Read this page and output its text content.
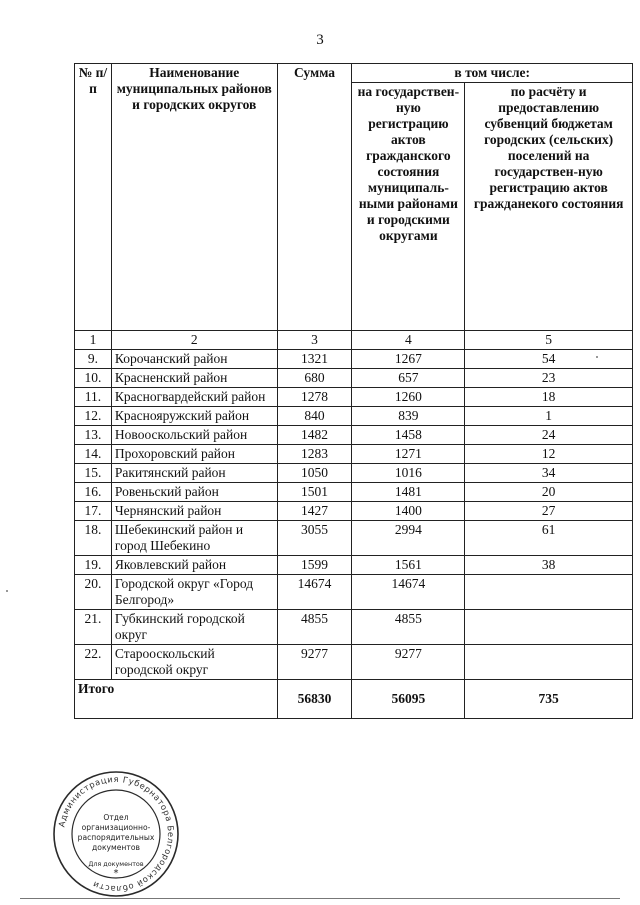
3
№ п/п	Наименование муниципальных районов и городских округов	Сумма	в том числе:	
			на государствен-ную регистрацию актов гражданского состояния муниципаль-ными районами и городскими округами	по расчёту и предоставлению субвенций бюджетам городских (сельских) поселений на государствен-ную регистрацию актов гражданекого состояния
1	2	3	4	5
9.	Корочанский район	1321	1267	54
10.	Красненский район	680	657	23
11.	Красногвардейский район	1278	1260	18
12.	Краснояружский район	840	839	1
13.	Новооскольский район	1482	1458	24
14.	Прохоровский район	1283	1271	12
15.	Ракитянский район	1050	1016	34
16.	Ровеньский район	1501	1481	20
17.	Чернянский район	1427	1400	27
18.	Шебекинский район и город Шебекино	3055	2994	61
19.	Яковлевский район	1599	1561	38
20.	Городской округ «Город Белгород»	14674	14674	
21.	Губкинский городской округ	4855	4855	
22.	Старооскольский городской округ	9277	9277	
Итого		56830	56095	735
Администрация Губернатора Белгородской области
Отдел
организационно-
распорядительных
документов
Для документов
*
